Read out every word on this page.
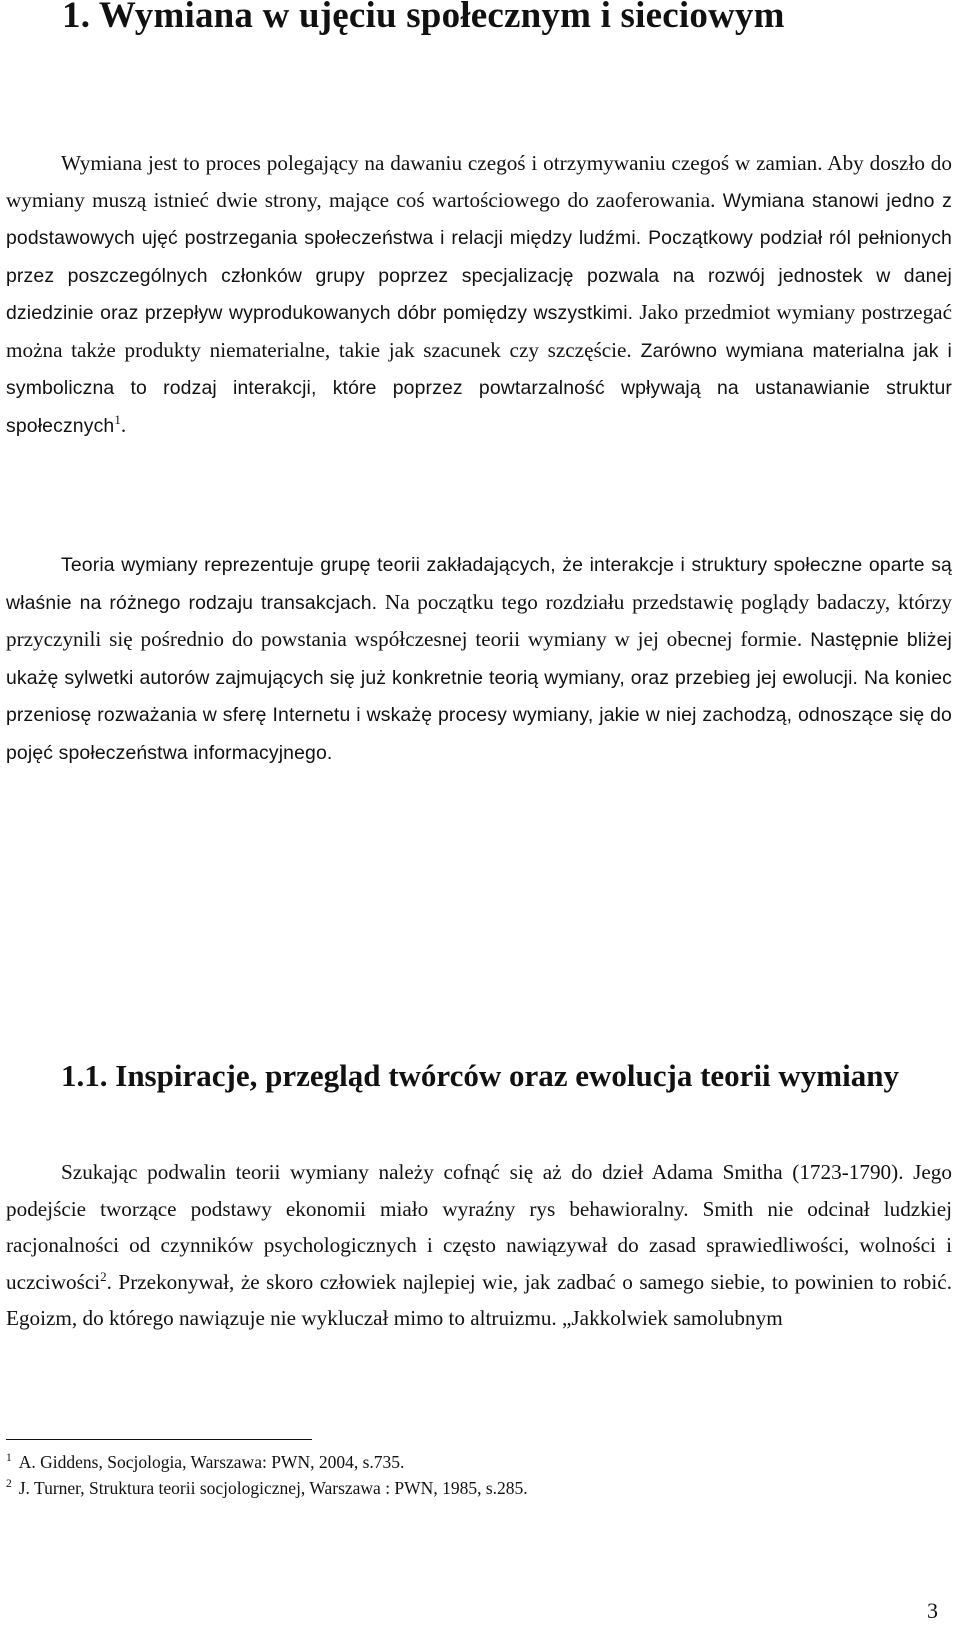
1. Wymiana w ujęciu społecznym i sieciowym

Wymiana jest to proces polegający na dawaniu czegoś i otrzymywaniu czegoś w zamian. Aby doszło do wymiany muszą istnieć dwie strony, mające coś wartościowego do zaoferowania. Wymiana stanowi jedno z podstawowych ujęć postrzegania społeczeństwa i relacji między ludźmi. Początkowy podział ról pełnionych przez poszczególnych członków grupy poprzez specjalizację pozwala na rozwój jednostek w danej dziedzinie oraz przepływ wyprodukowanych dóbr pomiędzy wszystkimi. Jako przedmiot wymiany postrzegać można także produkty niematerialne, takie jak szacunek czy szczęście. Zarówno wymiana materialna jak i symboliczna to rodzaj interakcji, które poprzez powtarzalność wpływają na ustanawianie struktur społecznych$^1$.

Teoria wymiany reprezentuje grupę teorii zakładających, że interakcje i struktury społeczne oparte są właśnie na różnego rodzaju transakcjach. Na początku tego rozdziału przedstawię poglądy badaczy, którzy przyczynili się pośrednio do powstania współczesnej teorii wymiany w jej obecnej formie. Następnie bliżej ukażę sylwetki autorów zajmujących się już konkretnie teorią wymiany, oraz przebieg jej ewolucji. Na koniec przeniosę rozważania w sferę Internetu i wskażę procesy wymiany, jakie w niej zachodzą, odnoszące się do pojęć społeczeństwa informacyjnego.

1.1. Inspiracje, przegląd twórców oraz ewolucja teorii wymiany

Szukając podwalin teorii wymiany należy cofnąć się aż do dzieł Adama Smitha (1723-1790). Jego podejście tworzące podstawy ekonomii miało wyraźny rys behawioralny. Smith nie odcinał ludzkiej racjonalności od czynników psychologicznych i często nawiązywał do zasad sprawiedliwości, wolności i uczciwości$^2$. Przekonywał, że skoro człowiek najlepiej wie, jak zadbać o samego siebie, to powinien to robić. Egoizm, do którego nawiązuje nie wykluczał mimo to altruizmu. „Jakkolwiek samolubnym

$^1$ A. Giddens, Socjologia, Warszawa: PWN, 2004, s.735.

$^2$ J. Turner, Struktura teorii socjologicznej, Warszawa : PWN, 1985, s.285.

3
